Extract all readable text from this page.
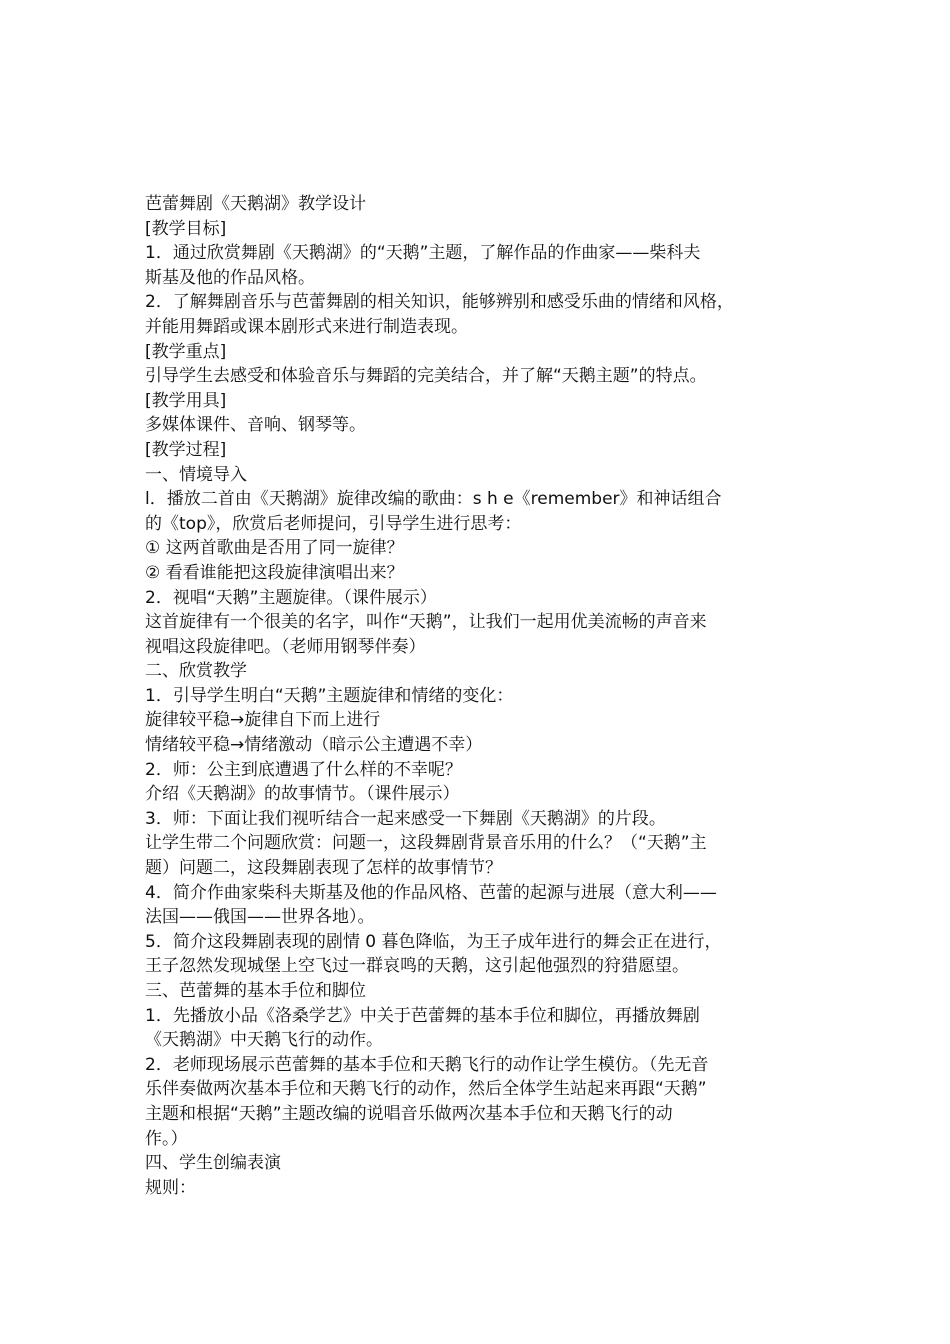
芭蕾舞剧《天鹅湖》教学设计
[教学目标]
1．通过欣赏舞剧《天鹅湖》的“天鹅”主题，了解作品的作曲家——柴科夫
斯基及他的作品风格。
2．了解舞剧音乐与芭蕾舞剧的相关知识，能够辨别和感受乐曲的情绪和风格，
并能用舞蹈或课本剧形式来进行制造表现。
[教学重点]
引导学生去感受和体验音乐与舞蹈的完美结合，并了解“天鹅主题”的特点。
[教学用具]
多媒体课件、音响、钢琴等。
[教学过程]
一、情境导入
l．播放二首由《天鹅湖》旋律改编的歌曲：s h e《remember》和神话组合
的《top》，欣赏后老师提问，引导学生进行思考：
① 这两首歌曲是否用了同一旋律？
② 看看谁能把这段旋律演唱出来？
2．视唱“天鹅”主题旋律。（课件展示）
这首旋律有一个很美的名字，叫作“天鹅”，让我们一起用优美流畅的声音来
视唱这段旋律吧。（老师用钢琴伴奏）
二、欣赏教学
1．引导学生明白“天鹅”主题旋律和情绪的变化：
旋律较平稳→旋律自下而上进行
情绪较平稳→情绪激动（暗示公主遭遇不幸）
2．师：公主到底遭遇了什么样的不幸呢？
介绍《天鹅湖》的故事情节。（课件展示）
3．师：下面让我们视听结合一起来感受一下舞剧《天鹅湖》的片段。
让学生带二个问题欣赏：问题一，这段舞剧背景音乐用的什么？（“天鹅”主
题）问题二，这段舞剧表现了怎样的故事情节？
4．简介作曲家柴科夫斯基及他的作品风格、芭蕾的起源与进展（意大利——
法国——俄国——世界各地）。
5．简介这段舞剧表现的剧情 0 暮色降临，为王子成年进行的舞会正在进行，
王子忽然发现城堡上空飞过一群哀鸣的天鹅，这引起他强烈的狩猎愿望。
三、芭蕾舞的基本手位和脚位
1．先播放小品《洛桑学艺》中关于芭蕾舞的基本手位和脚位，再播放舞剧
《天鹅湖》中天鹅飞行的动作。
2．老师现场展示芭蕾舞的基本手位和天鹅飞行的动作让学生模仿。（先无音
乐伴奏做两次基本手位和天鹅飞行的动作，然后全体学生站起来再跟“天鹅”
主题和根据“天鹅”主题改编的说唱音乐做两次基本手位和天鹅飞行的动
作。）
四、学生创编表演
规则：
